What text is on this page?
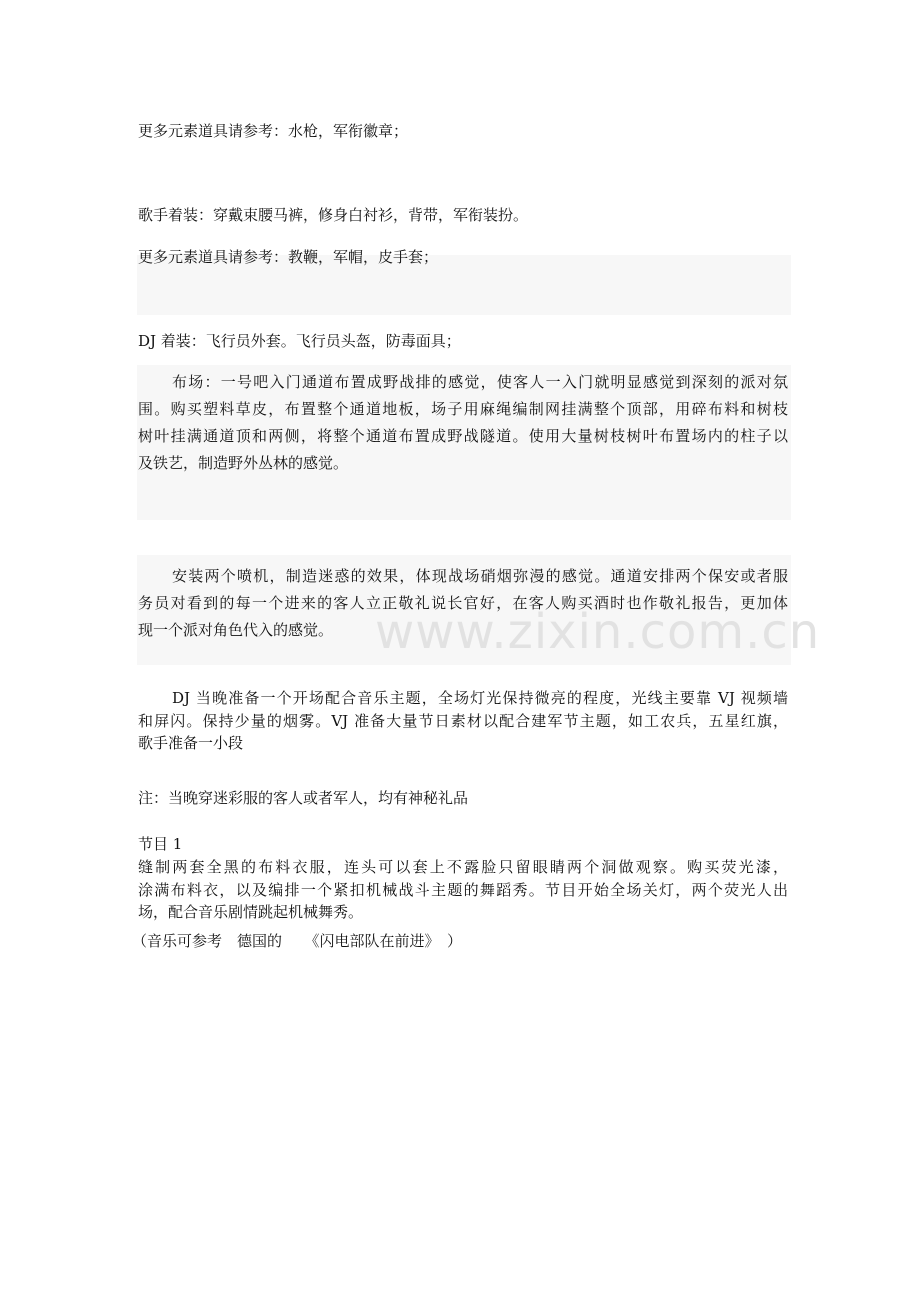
www.zixin.com.cn
更多元素道具请参考：水枪，军衔徽章；
歌手着装：穿戴束腰马裤，修身白衬衫，背带，军衔装扮。
更多元素道具请参考：教鞭，军帽，皮手套；
DJ 着装：飞行员外套。飞行员头盔，防毒面具；
布场：一号吧入门通道布置成野战排的感觉，使客人一入门就明显感觉到深刻的派对氛
围。购买塑料草皮，布置整个通道地板，场子用麻绳编制网挂满整个顶部，用碎布料和树枝
树叶挂满通道顶和两侧，将整个通道布置成野战隧道。使用大量树枝树叶布置场内的柱子以
及铁艺，制造野外丛林的感觉。
安装两个喷机，制造迷惑的效果，体现战场硝烟弥漫的感觉。通道安排两个保安或者服
务员对看到的每一个进来的客人立正敬礼说长官好，在客人购买酒时也作敬礼报告，更加体
现一个派对角色代入的感觉。
DJ 当晚准备一个开场配合音乐主题，全场灯光保持微亮的程度，光线主要靠 VJ 视频墙
和屏闪。保持少量的烟雾。VJ 准备大量节日素材以配合建军节主题，如工农兵，五星红旗，
歌手准备一小段
注：当晚穿迷彩服的客人或者军人，均有神秘礼品
节目 1
缝制两套全黑的布料衣服，连头可以套上不露脸只留眼睛两个洞做观察。购买荧光漆，
涂满布料衣，以及编排一个紧扣机械战斗主题的舞蹈秀。节目开始全场关灯，两个荧光人出
场，配合音乐剧情跳起机械舞秀。
（音乐可参考　德国的　　《闪电部队在前进》　）
